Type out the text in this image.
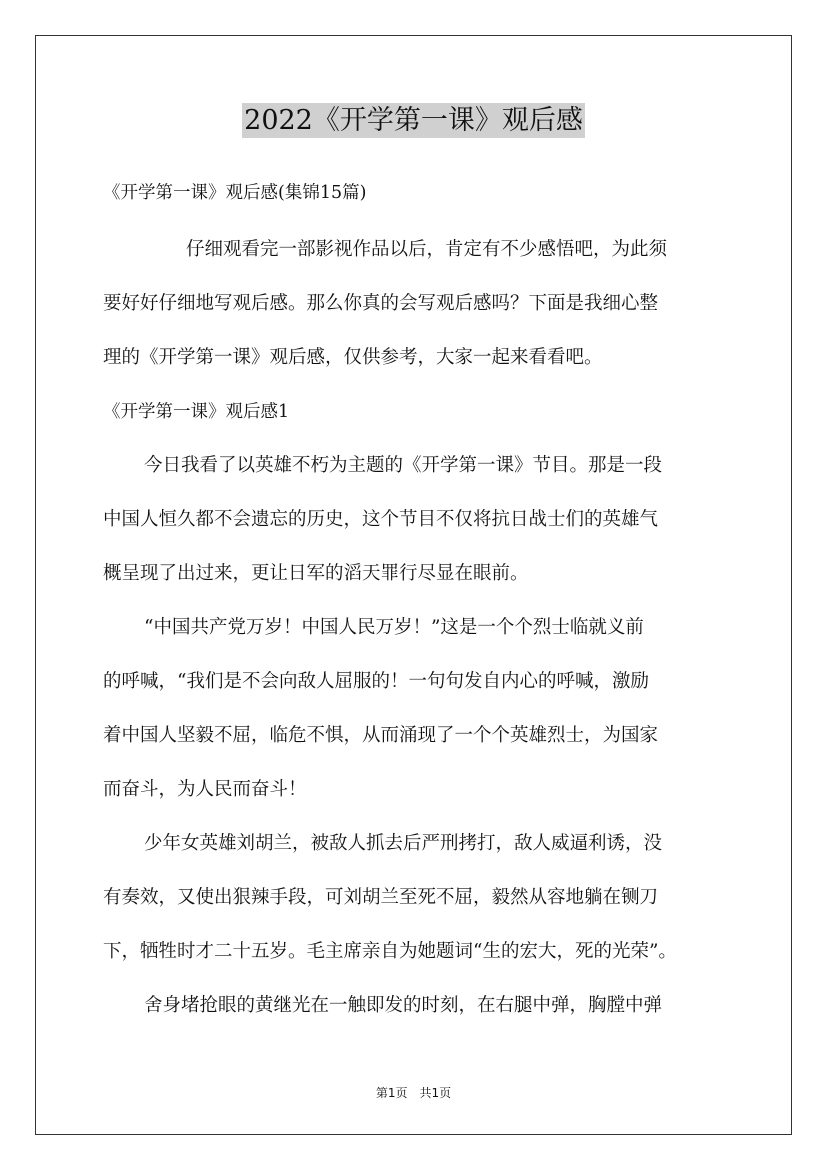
2022《开学第一课》观后感
《开学第一课》观后感(集锦15篇)
仔细观看完一部影视作品以后，肯定有不少感悟吧，为此须
要好好仔细地写观后感。那么你真的会写观后感吗？下面是我细心整
理的《开学第一课》观后感，仅供参考，大家一起来看看吧。
《开学第一课》观后感1
今日我看了以英雄不朽为主题的《开学第一课》节目。那是一段
中国人恒久都不会遗忘的历史，这个节目不仅将抗日战士们的英雄气
概呈现了出过来，更让日军的滔天罪行尽显在眼前。
“中国共产党万岁！中国人民万岁！”这是一个个烈士临就义前
的呼喊，“我们是不会向敌人屈服的！一句句发自内心的呼喊，激励
着中国人坚毅不屈，临危不惧，从而涌现了一个个英雄烈士，为国家
而奋斗，为人民而奋斗！
少年女英雄刘胡兰，被敌人抓去后严刑拷打，敌人威逼利诱，没
有奏效，又使出狠辣手段，可刘胡兰至死不屈，毅然从容地躺在铡刀
下，牺牲时才二十五岁。毛主席亲自为她题词“生的宏大，死的光荣”。
舍身堵抢眼的黄继光在一触即发的时刻，在右腿中弹，胸膛中弹
第1页　共1页
